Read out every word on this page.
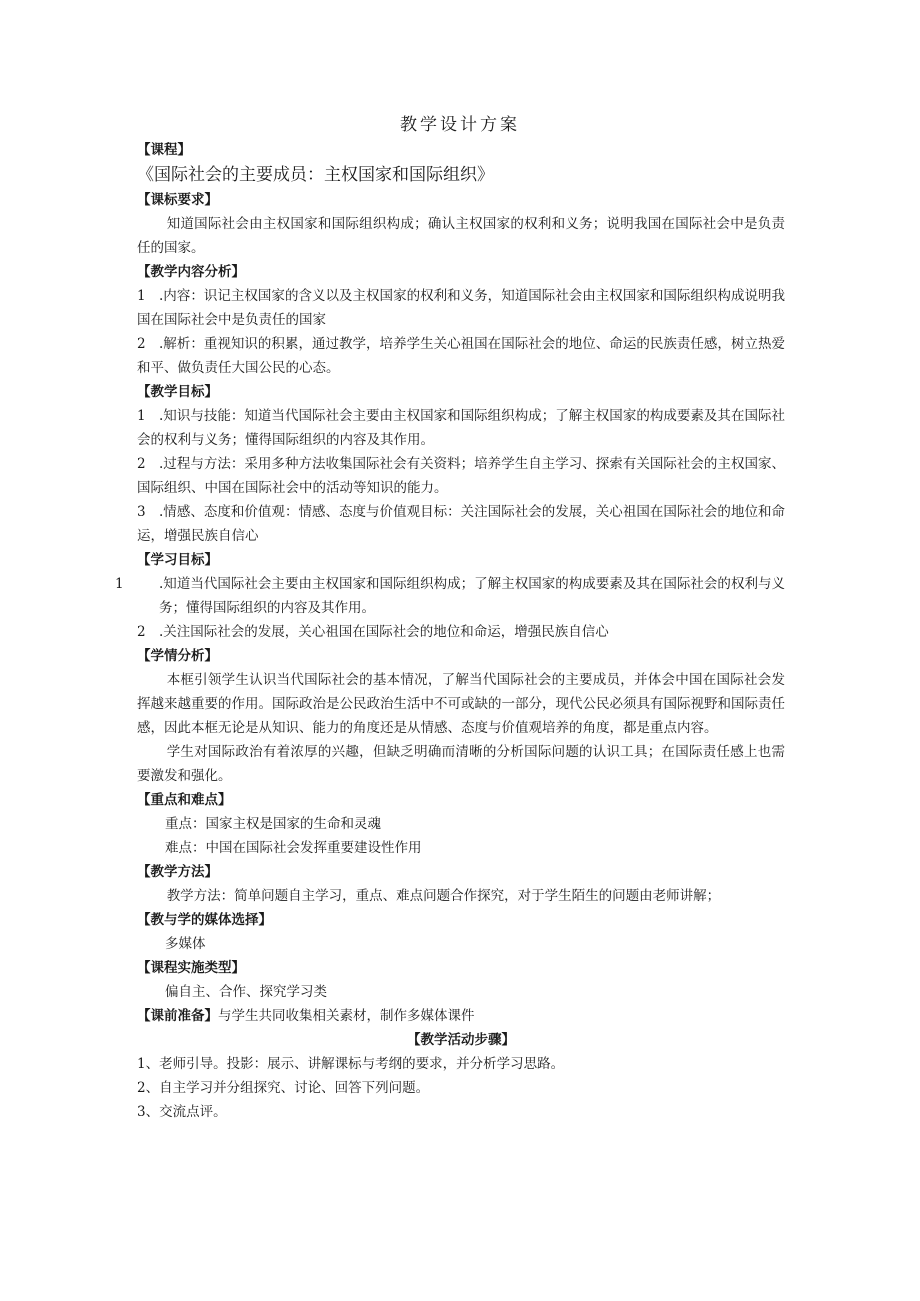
教学设计方案

【课程】

《国际社会的主要成员：主权国家和国际组织》

【课标要求】

知道国际社会由主权国家和国际组织构成；确认主权国家的权利和义务；说明我国在国际社会中是负责任的国家。

【教学内容分析】

1 .内容：识记主权国家的含义以及主权国家的权利和义务，知道国际社会由主权国家和国际组织构成说明我国在国际社会中是负责任的国家

2 .解析：重视知识的积累，通过教学，培养学生关心祖国在国际社会的地位、命运的民族责任感，树立热爱和平、做负责任大国公民的心态。

【教学目标】

1 .知识与技能：知道当代国际社会主要由主权国家和国际组织构成；了解主权国家的构成要素及其在国际社会的权利与义务；懂得国际组织的内容及其作用。

2 .过程与方法：采用多种方法收集国际社会有关资料；培养学生自主学习、探索有关国际社会的主权国家、国际组织、中国在国际社会中的活动等知识的能力。

3 .情感、态度和价值观：情感、态度与价值观目标：关注国际社会的发展，关心祖国在国际社会的地位和命运，增强民族自信心

【学习目标】

1	.知道当代国际社会主要由主权国家和国际组织构成；了解主权国家的构成要素及其在国际社会的权利与义务；懂得国际组织的内容及其作用。

2 .关注国际社会的发展，关心祖国在国际社会的地位和命运，增强民族自信心

【学情分析】

本框引领学生认识当代国际社会的基本情况，了解当代国际社会的主要成员，并体会中国在国际社会发挥越来越重要的作用。国际政治是公民政治生活中不可或缺的一部分，现代公民必须具有国际视野和国际责任感，因此本框无论是从知识、能力的角度还是从情感、态度与价值观培养的角度，都是重点内容。

学生对国际政治有着浓厚的兴趣，但缺乏明确而清晰的分析国际问题的认识工具；在国际责任感上也需要激发和强化。

【重点和难点】

重点：国家主权是国家的生命和灵魂

难点：中国在国际社会发挥重要建设性作用

【教学方法】

教学方法：简单问题自主学习，重点、难点问题合作探究，对于学生陌生的问题由老师讲解；

【教与学的媒体选择】

多媒体

【课程实施类型】

偏自主、合作、探究学习类

【课前准备】与学生共同收集相关素材，制作多媒体课件

【教学活动步骤】

1、老师引导。投影：展示、讲解课标与考纲的要求，并分析学习思路。

2、自主学习并分组探究、讨论、回答下列问题。

3、交流点评。
